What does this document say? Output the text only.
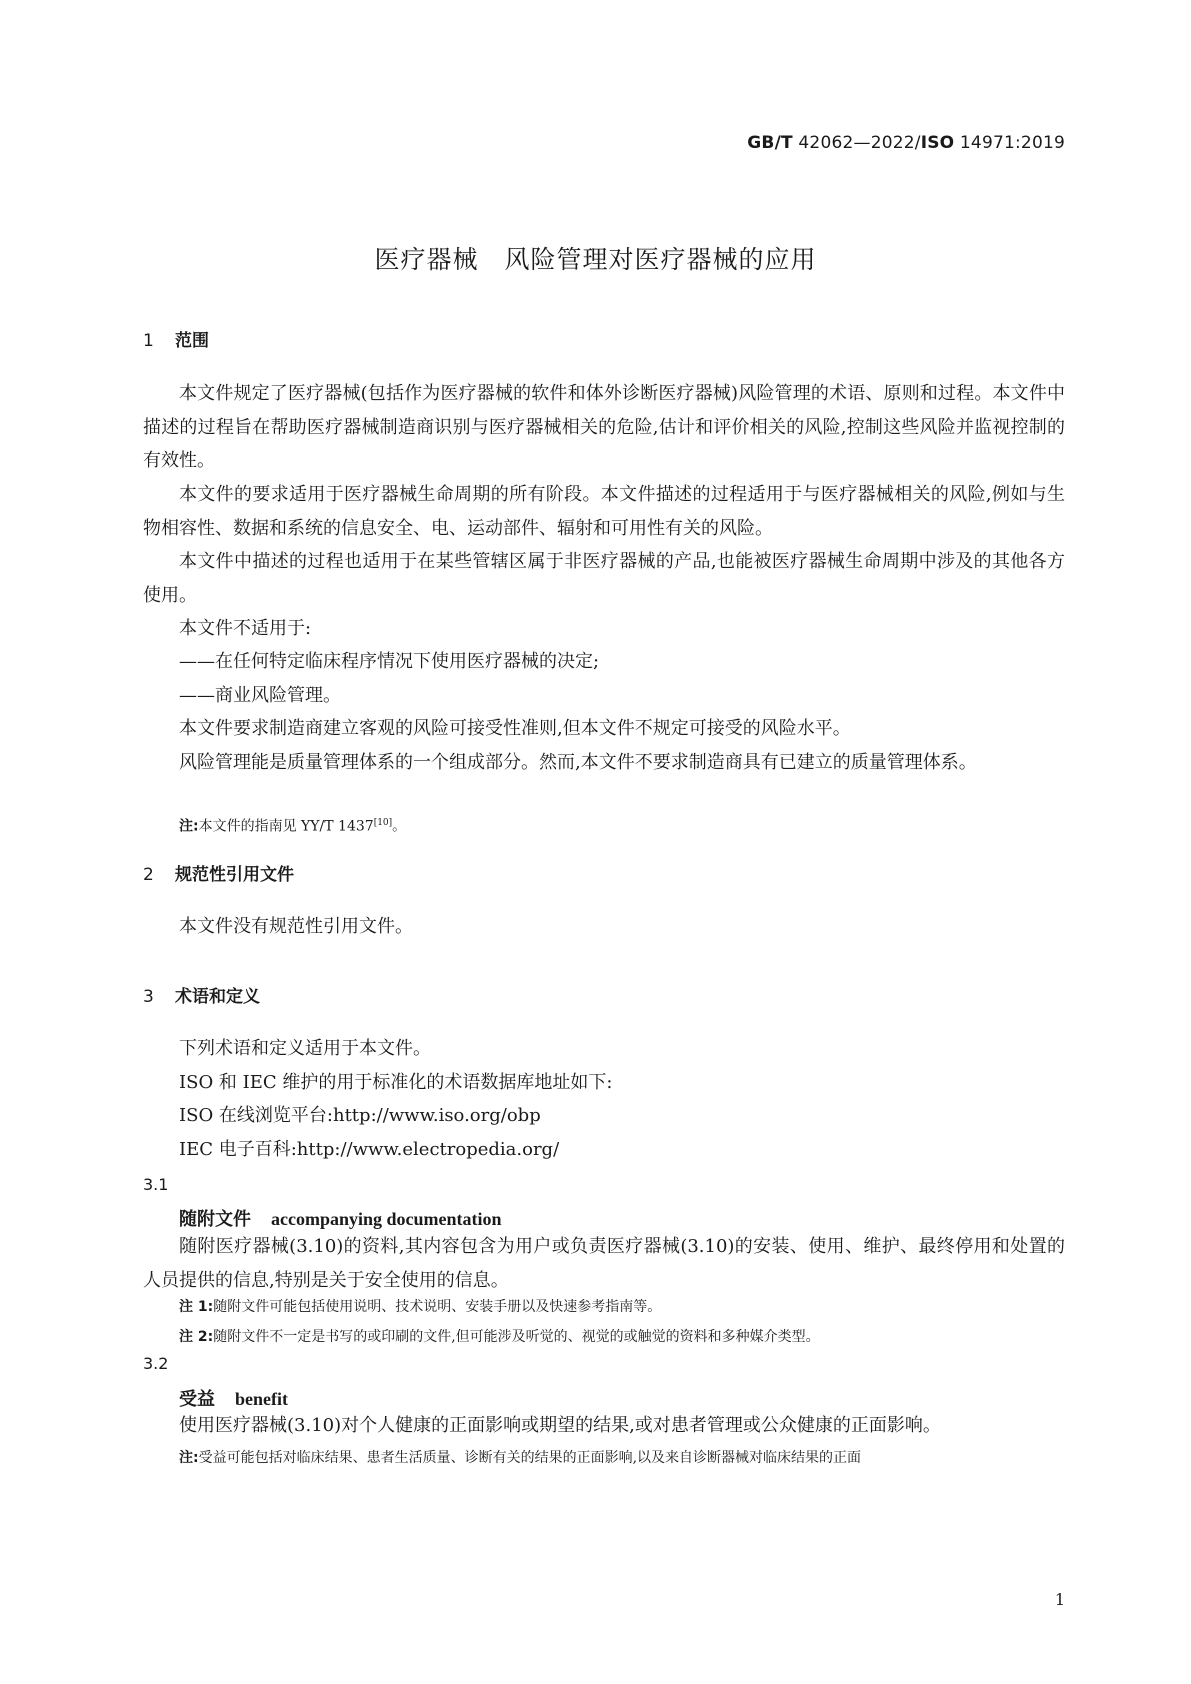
GB/T 42062—2022/ISO 14971:2019
医疗器械　风险管理对医疗器械的应用
1 范围
本文件规定了医疗器械(包括作为医疗器械的软件和体外诊断医疗器械)风险管理的术语、原则和过程。本文件中描述的过程旨在帮助医疗器械制造商识别与医疗器械相关的危险,估计和评价相关的风险,控制这些风险并监视控制的有效性。
本文件的要求适用于医疗器械生命周期的所有阶段。本文件描述的过程适用于与医疗器械相关的风险,例如与生物相容性、数据和系统的信息安全、电、运动部件、辐射和可用性有关的风险。
本文件中描述的过程也适用于在某些管辖区属于非医疗器械的产品,也能被医疗器械生命周期中涉及的其他各方使用。
本文件不适用于:
——在任何特定临床程序情况下使用医疗器械的决定;
——商业风险管理。
本文件要求制造商建立客观的风险可接受性准则,但本文件不规定可接受的风险水平。
风险管理能是质量管理体系的一个组成部分。然而,本文件不要求制造商具有已建立的质量管理体系。
注:本文件的指南见 YY/T 1437[10]。
2 规范性引用文件
本文件没有规范性引用文件。
3 术语和定义
下列术语和定义适用于本文件。
ISO 和 IEC 维护的用于标准化的术语数据库地址如下:
ISO 在线浏览平台:http://www.iso.org/obp
IEC 电子百科:http://www.electropedia.org/
3.1
随附文件 accompanying documentation
随附医疗器械(3.10)的资料,其内容包含为用户或负责医疗器械(3.10)的安装、使用、维护、最终停用和处置的人员提供的信息,特别是关于安全使用的信息。
注 1:随附文件可能包括使用说明、技术说明、安装手册以及快速参考指南等。
注 2:随附文件不一定是书写的或印刷的文件,但可能涉及听觉的、视觉的或触觉的资料和多种媒介类型。
3.2
受益 benefit
使用医疗器械(3.10)对个人健康的正面影响或期望的结果,或对患者管理或公众健康的正面影响。
注:受益可能包括对临床结果、患者生活质量、诊断有关的结果的正面影响,以及来自诊断器械对临床结果的正面
1
